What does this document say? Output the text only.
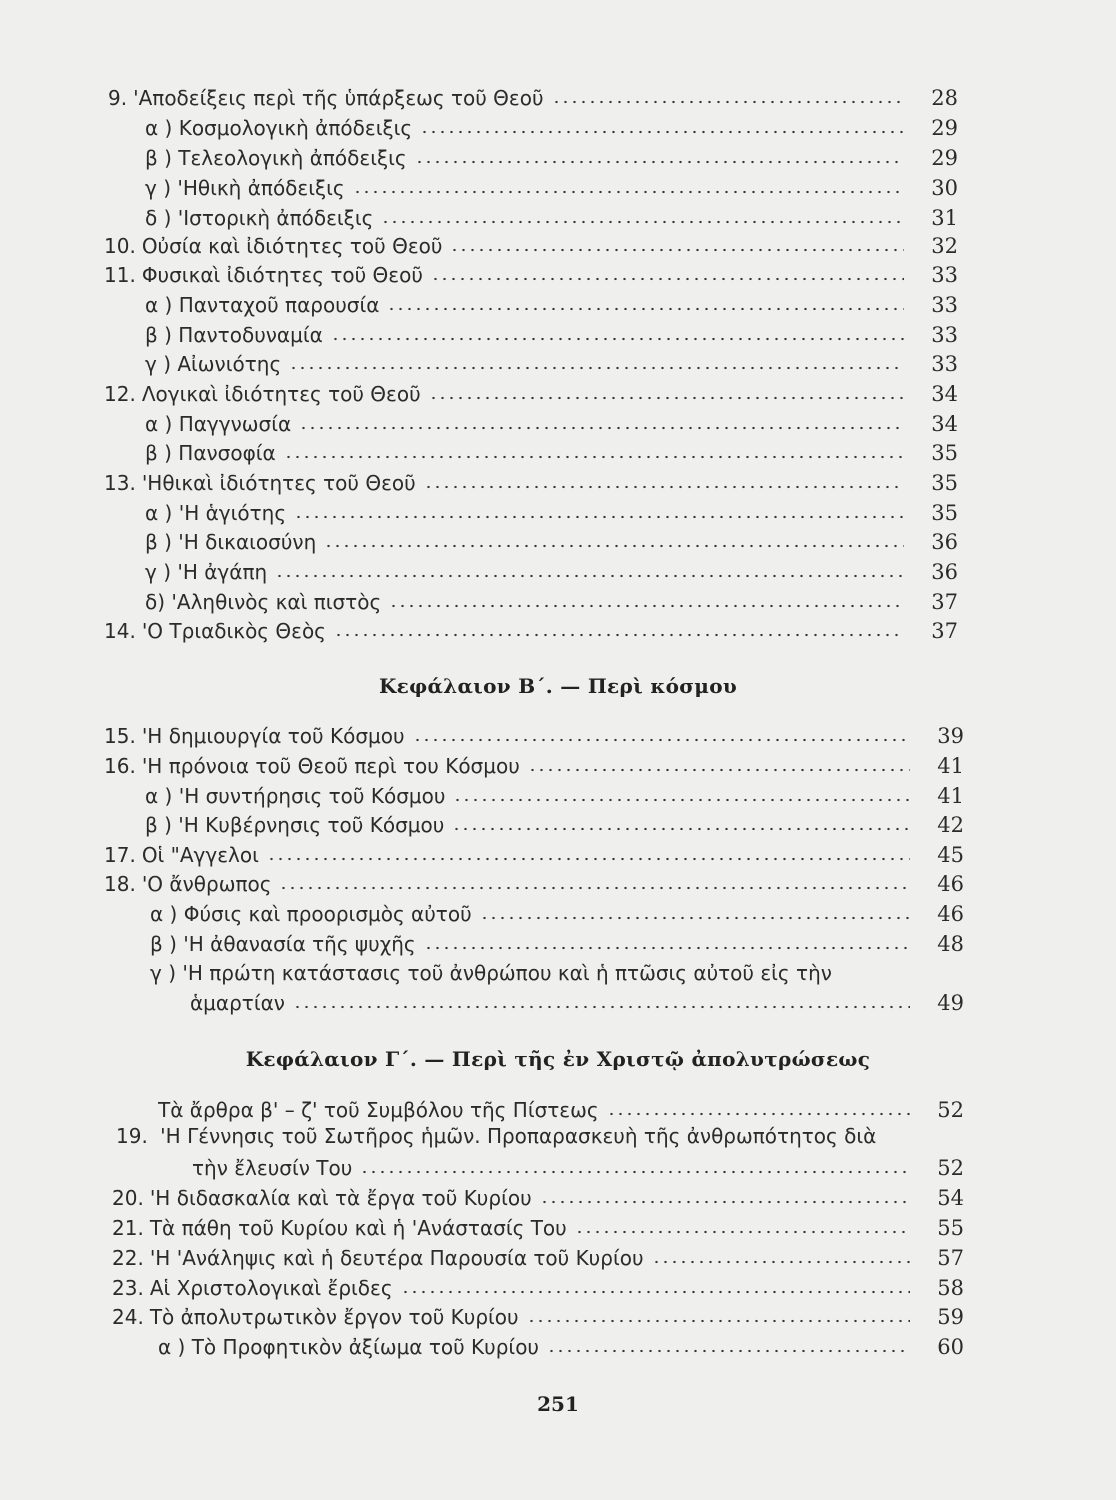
9. 'Αποδείξεις περὶ τῆς ὑπάρξεως τοῦ Θεοῦ	28
α ) Κοσμολογικὴ ἀπόδειξις	29
β ) Τελεολογικὴ ἀπόδειξις	29
γ ) 'Ηθικὴ ἀπόδειξις	30
δ ) 'Ιστορικὴ ἀπόδειξις	31
10. Οὐσία καὶ ἰδιότητες τοῦ Θεοῦ	32
11. Φυσικαὶ ἰδιότητες τοῦ Θεοῦ	33
α ) Πανταχοῦ παρουσία	33
β ) Παντοδυναμία	33
γ ) Αἰωνιότης	33
12. Λογικαὶ ἰδιότητες τοῦ Θεοῦ	34
α ) Παγγνωσία	34
β ) Πανσοφία	35
13. 'Ηθικαὶ ἰδιότητες τοῦ Θεοῦ	35
α ) 'Η ἁγιότης	35
β ) 'Η δικαιοσύνη	36
γ ) 'Η ἀγάπη	36
δ) 'Αληθινὸς καὶ πιστὸς	37
14. 'Ο Τριαδικὸς Θεὸς	37
Κεφάλαιον Β΄. — Περὶ κόσμου
15. 'Η δημιουργία τοῦ Κόσμου	39
16. 'Η πρόνοια τοῦ Θεοῦ περὶ του Κόσμου	41
α ) 'Η συντήρησις τοῦ Κόσμου	41
β ) 'Η Κυβέρνησις τοῦ Κόσμου	42
17. Οἱ "Αγγελοι	45
18. 'Ο ἄνθρωπος	46
α ) Φύσις καὶ προορισμὸς αὐτοῦ	46
β ) 'Η ἀθανασία τῆς ψυχῆς	48
γ ) 'Η πρώτη κατάστασις τοῦ ἀνθρώπου καὶ ἡ πτῶσις αὐτοῦ εἰς τὴν
ἁμαρτίαν	49
Κεφάλαιον Γ΄. — Περὶ τῆς ἐν Χριστῷ ἀπολυτρώσεως
Τὰ ἄρθρα β' – ζ' τοῦ Συμβόλου τῆς Πίστεως	52
19. 'Η Γέννησις τοῦ Σωτῆρος ἡμῶν. Προπαρασκευὴ τῆς ἀνθρωπότητος διὰ
τὴν ἔλευσίν Του	52
20. 'Η διδασκαλία καὶ τὰ ἔργα τοῦ Κυρίου	54
21. Τὰ πάθη τοῦ Κυρίου καὶ ἡ 'Ανάστασίς Του	55
22. 'Η 'Ανάληψις καὶ ἡ δευτέρα Παρουσία τοῦ Κυρίου	57
23. Αἱ Χριστολογικαὶ ἔριδες	58
24. Τὸ ἀπολυτρωτικὸν ἔργον τοῦ Κυρίου	59
α ) Τὸ Προφητικὸν ἀξίωμα τοῦ Κυρίου	60
251
